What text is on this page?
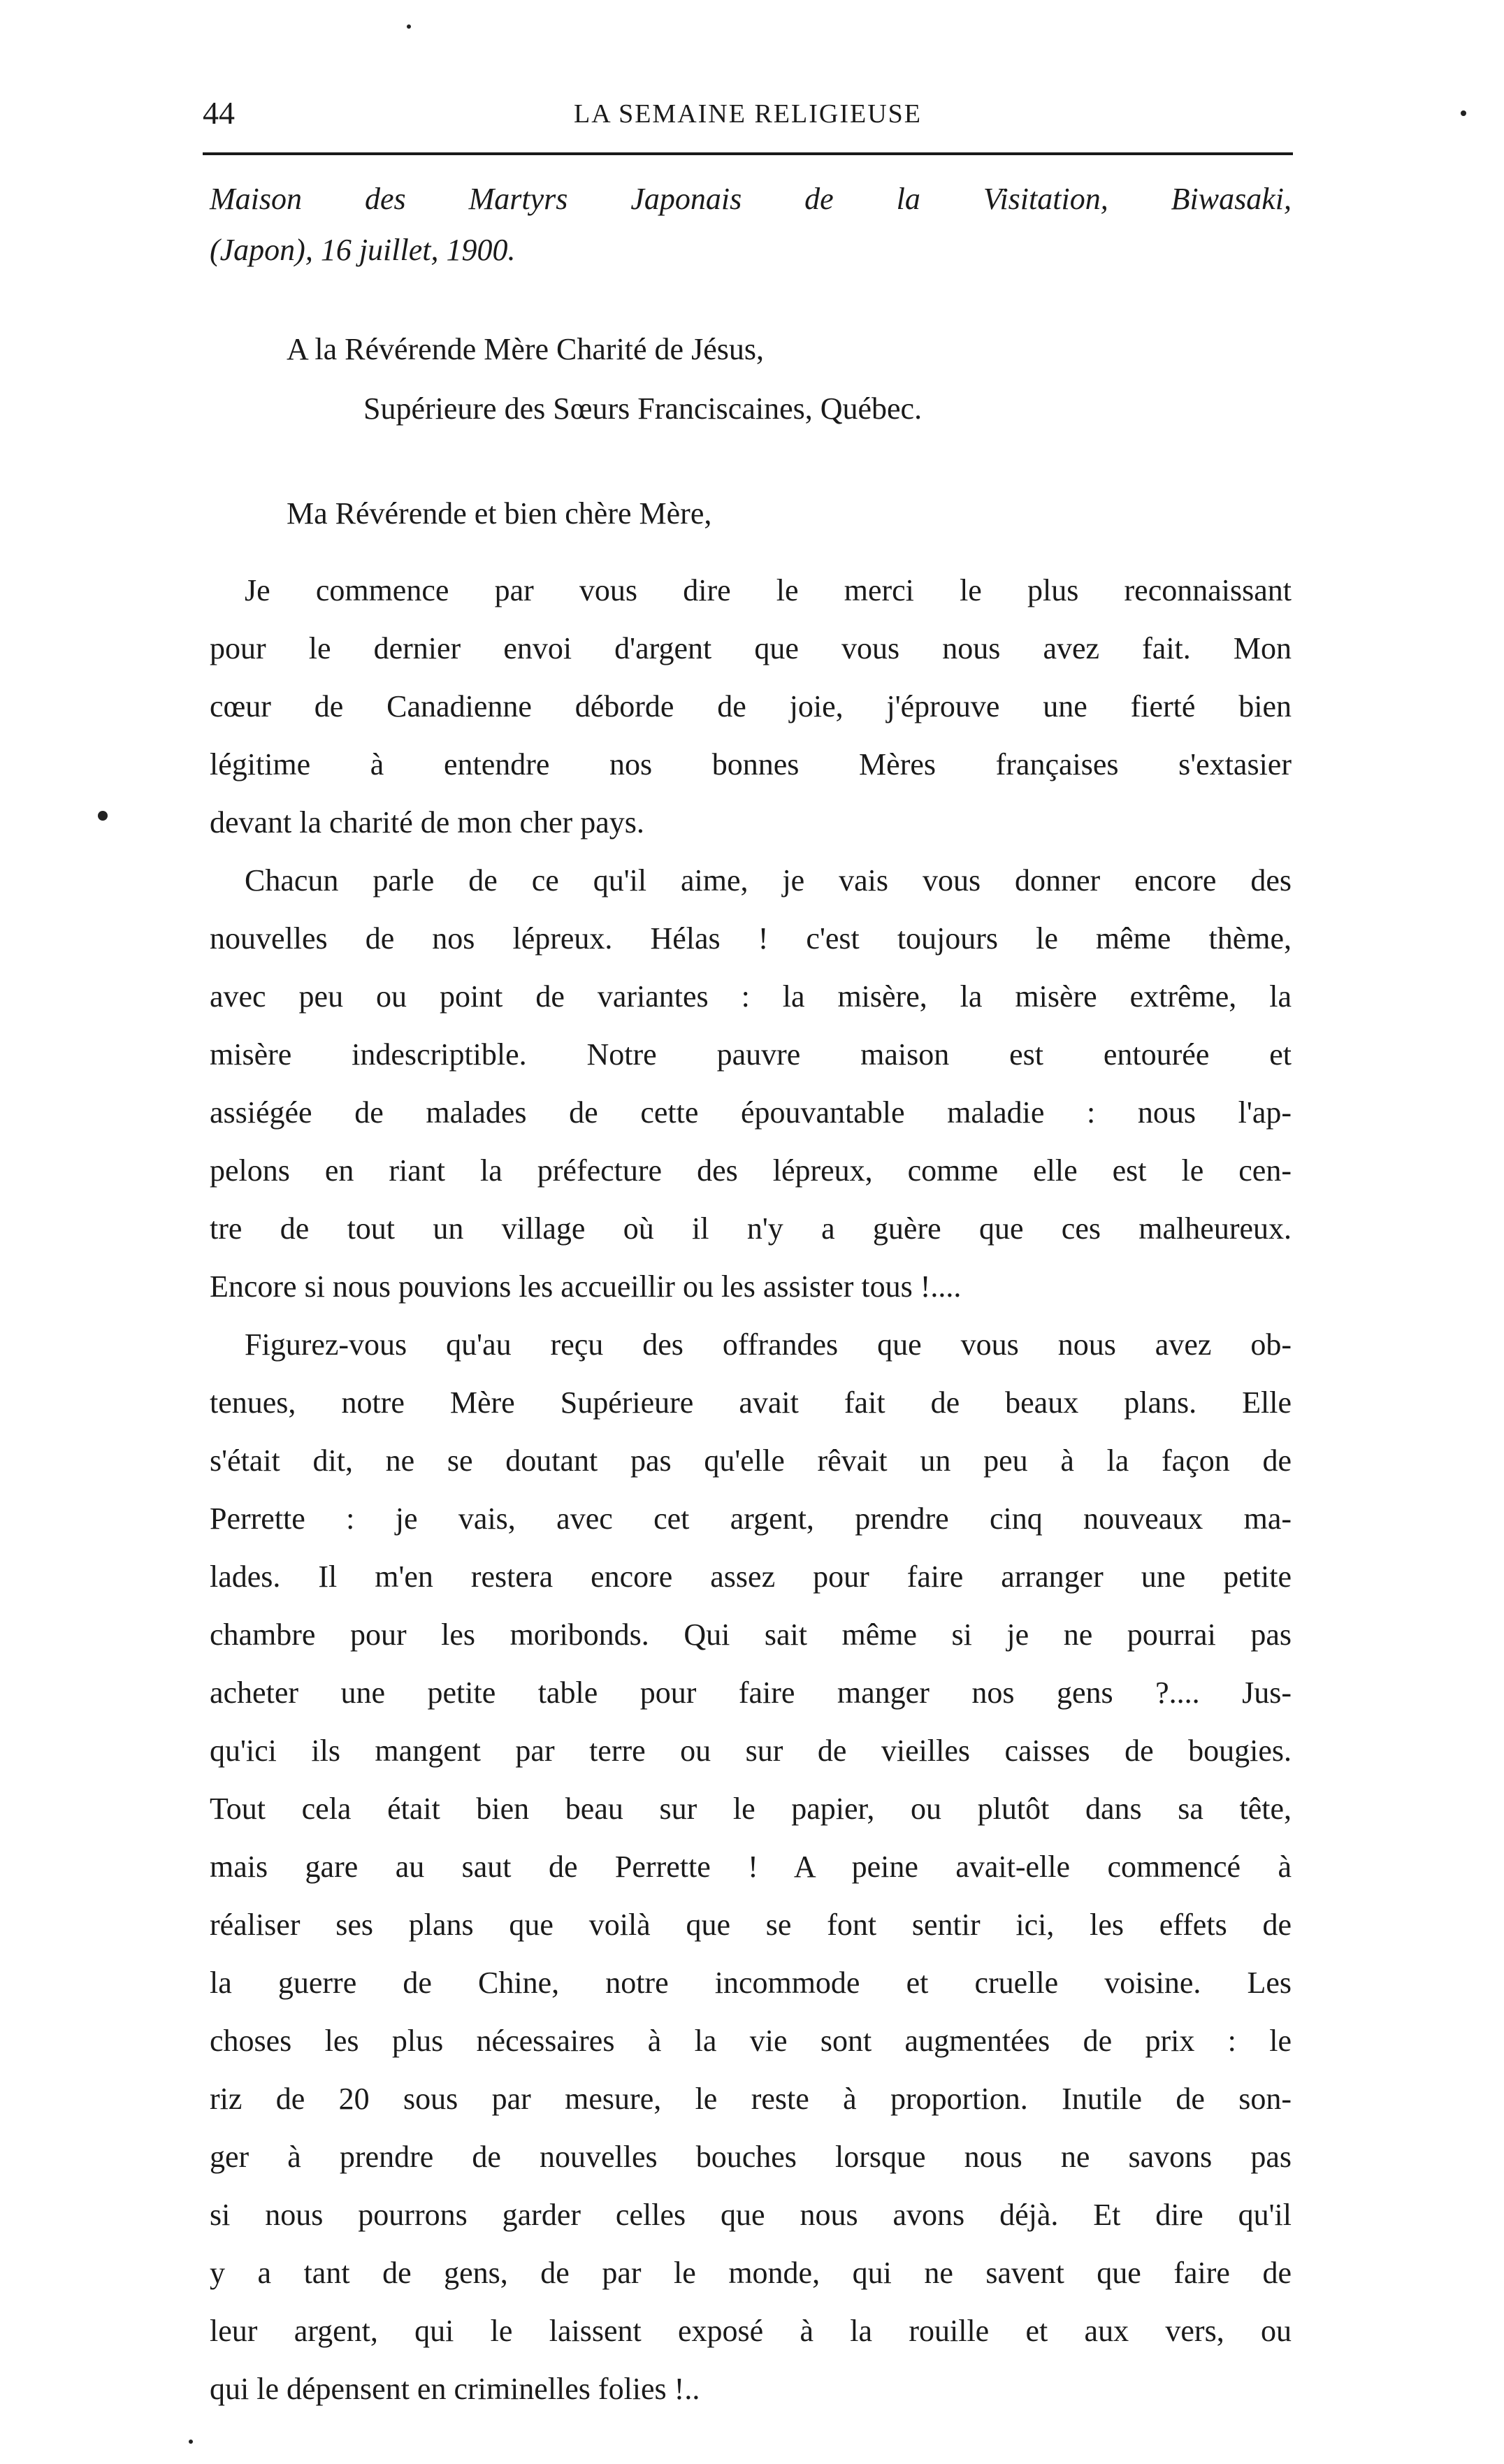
44	LA SEMAINE RELIGIEUSE
Maison des Martyrs Japonais de la Visitation, Biwasaki,
(Japon), 16 juillet, 1900.
A la Révérende Mère Charité de Jésus,
Supérieure des Sœurs Franciscaines, Québec.
Ma Révérende et bien chère Mère,
Je commence par vous dire le merci le plus reconnaissant
pour le dernier envoi d'argent que vous nous avez fait. Mon
cœur de Canadienne déborde de joie, j'éprouve une fierté bien
légitime à entendre nos bonnes Mères françaises s'extasier
devant la charité de mon cher pays.
Chacun parle de ce qu'il aime, je vais vous donner encore des
nouvelles de nos lépreux. Hélas ! c'est toujours le même thème,
avec peu ou point de variantes : la misère, la misère extrême, la
misère indescriptible. Notre pauvre maison est entourée et
assiégée de malades de cette épouvantable maladie : nous l'ap-
pelons en riant la préfecture des lépreux, comme elle est le cen-
tre de tout un village où il n'y a guère que ces malheureux.
Encore si nous pouvions les accueillir ou les assister tous !....
Figurez-vous qu'au reçu des offrandes que vous nous avez ob-
tenues, notre Mère Supérieure avait fait de beaux plans. Elle
s'était dit, ne se doutant pas qu'elle rêvait un peu à la façon de
Perrette : je vais, avec cet argent, prendre cinq nouveaux ma-
lades. Il m'en restera encore assez pour faire arranger une petite
chambre pour les moribonds. Qui sait même si je ne pourrai pas
acheter une petite table pour faire manger nos gens ?.... Jus-
qu'ici ils mangent par terre ou sur de vieilles caisses de bougies.
Tout cela était bien beau sur le papier, ou plutôt dans sa tête,
mais gare au saut de Perrette ! A peine avait-elle commencé à
réaliser ses plans que voilà que se font sentir ici, les effets de
la guerre de Chine, notre incommode et cruelle voisine. Les
choses les plus nécessaires à la vie sont augmentées de prix : le
riz de 20 sous par mesure, le reste à proportion. Inutile de son-
ger à prendre de nouvelles bouches lorsque nous ne savons pas
si nous pourrons garder celles que nous avons déjà. Et dire qu'il
y a tant de gens, de par le monde, qui ne savent que faire de
leur argent, qui le laissent exposé à la rouille et aux vers, ou
qui le dépensent en criminelles folies !..
